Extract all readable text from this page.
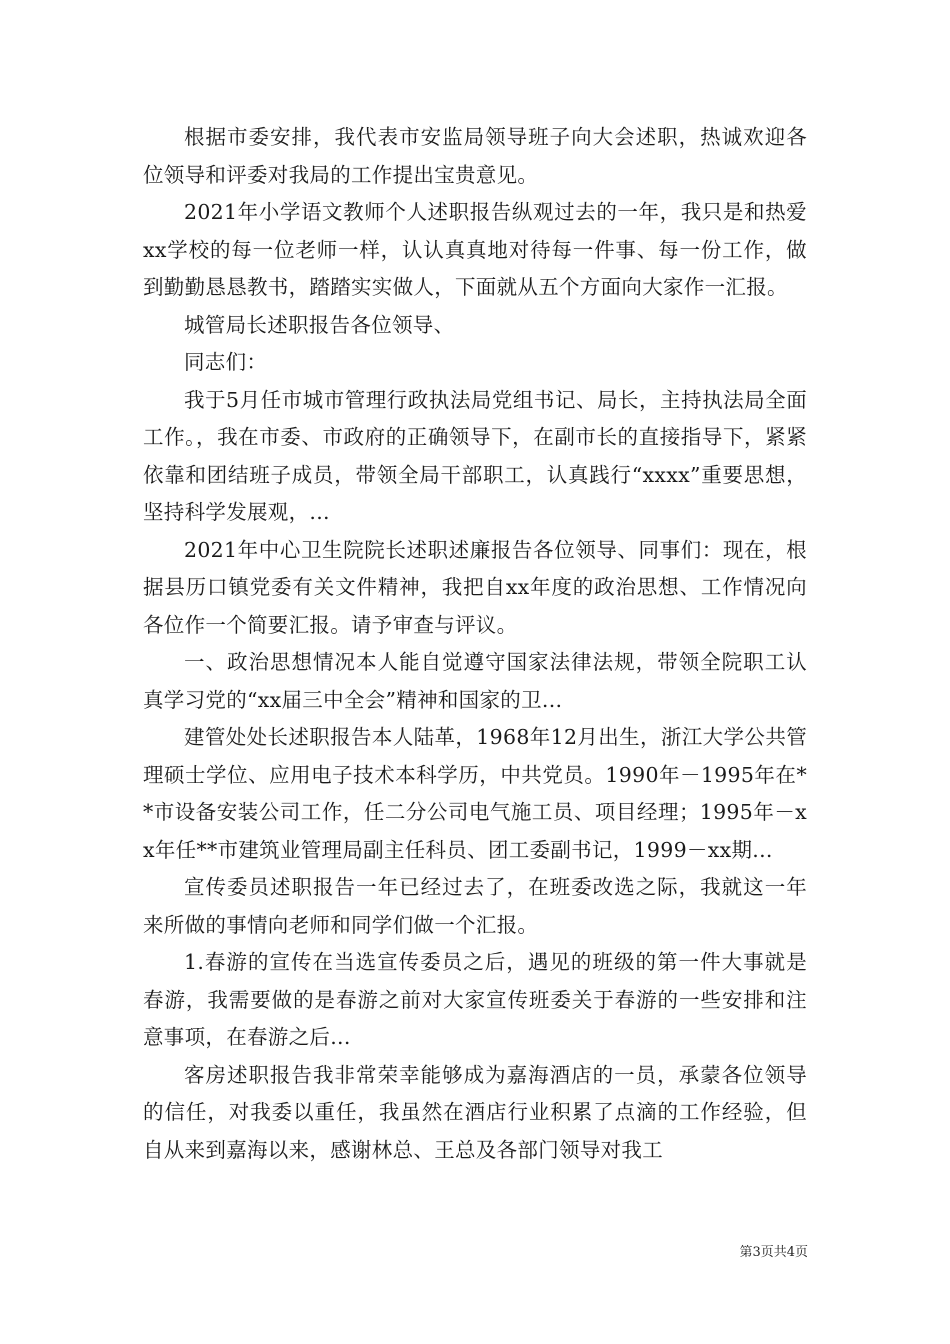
根据市委安排，我代表市安监局领导班子向大会述职，热诚欢迎各位领导和评委对我局的工作提出宝贵意见。

2021年小学语文教师个人述职报告纵观过去的一年，我只是和热爱xx学校的每一位老师一样，认认真真地对待每一件事、每一份工作，做到勤勤恳恳教书，踏踏实实做人，下面就从五个方面向大家作一汇报。

城管局长述职报告各位领导、

同志们：

我于5月任市城市管理行政执法局党组书记、局长，主持执法局全面工作。，我在市委、市政府的正确领导下，在副市长的直接指导下，紧紧依靠和团结班子成员，带领全局干部职工，认真践行“xxxx”重要思想，坚持科学发展观，...

2021年中心卫生院院长述职述廉报告各位领导、同事们：现在，根据县历口镇党委有关文件精神，我把自xx年度的政治思想、工作情况向各位作一个简要汇报。请予审查与评议。

一、政治思想情况本人能自觉遵守国家法律法规，带领全院职工认真学习党的“xx届三中全会”精神和国家的卫...

建管处处长述职报告本人陆革，1968年12月出生，浙江大学公共管理硕士学位、应用电子技术本科学历，中共党员。1990年－1995年在**市设备安装公司工作，任二分公司电气施工员、项目经理；1995年－xx年任**市建筑业管理局副主任科员、团工委副书记，1999－xx期...

宣传委员述职报告一年已经过去了，在班委改选之际，我就这一年来所做的事情向老师和同学们做一个汇报。

1.春游的宣传在当选宣传委员之后，遇见的班级的第一件大事就是春游，我需要做的是春游之前对大家宣传班委关于春游的一些安排和注意事项，在春游之后...

客房述职报告我非常荣幸能够成为嘉海酒店的一员，承蒙各位领导的信任，对我委以重任，我虽然在酒店行业积累了点滴的工作经验，但自从来到嘉海以来，感谢林总、王总及各部门领导对我工

第3页共4页
